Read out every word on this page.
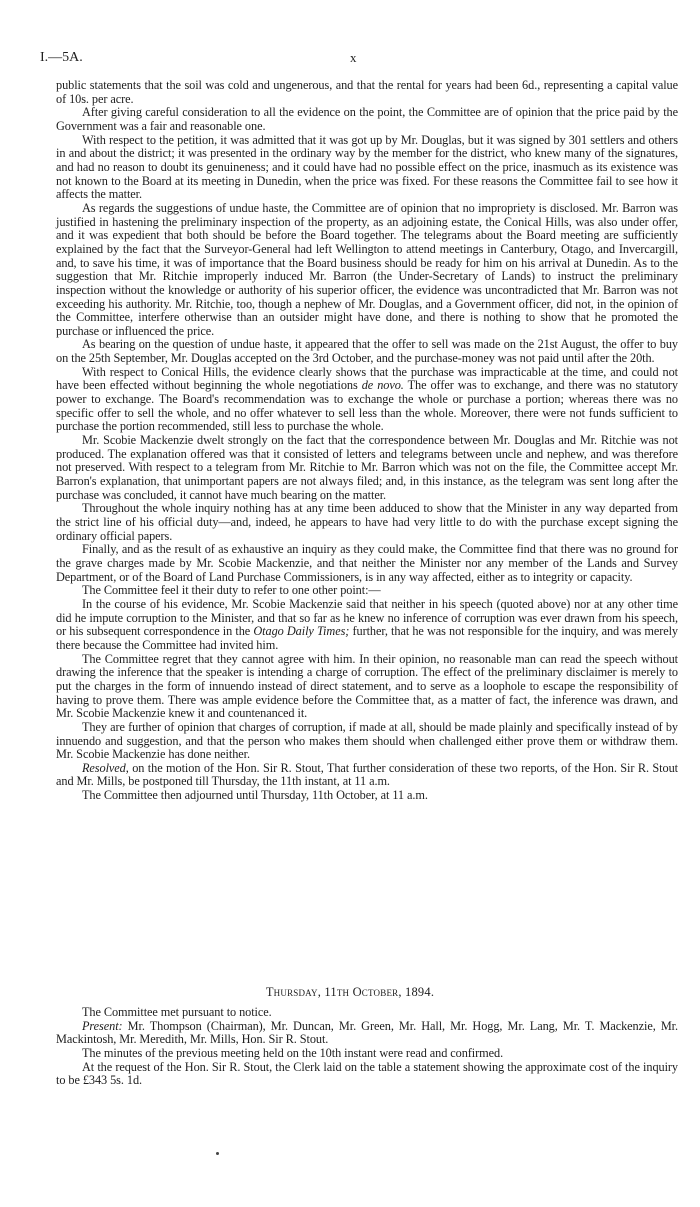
I.—5A.	x

public statements that the soil was cold and ungenerous, and that the rental for years had been 6d., representing a capital value of 10s. per acre.

After giving careful consideration to all the evidence on the point, the Committee are of opinion that the price paid by the Government was a fair and reasonable one.

With respect to the petition, it was admitted that it was got up by Mr. Douglas, but it was signed by 301 settlers and others in and about the district; it was presented in the ordinary way by the member for the district, who knew many of the signatures, and had no reason to doubt its genuineness; and it could have had no possible effect on the price, inasmuch as its existence was not known to the Board at its meeting in Dunedin, when the price was fixed. For these reasons the Committee fail to see how it affects the matter.

As regards the suggestions of undue haste, the Committee are of opinion that no impropriety is disclosed. Mr. Barron was justified in hastening the preliminary inspection of the property, as an adjoining estate, the Conical Hills, was also under offer, and it was expedient that both should be before the Board together. The telegrams about the Board meeting are sufficiently explained by the fact that the Surveyor-General had left Wellington to attend meetings in Canterbury, Otago, and Invercargill, and, to save his time, it was of importance that the Board business should be ready for him on his arrival at Dunedin. As to the suggestion that Mr. Ritchie improperly induced Mr. Barron (the Under-Secretary of Lands) to instruct the preliminary inspection without the knowledge or authority of his superior officer, the evidence was uncontradicted that Mr. Barron was not exceeding his authority. Mr. Ritchie, too, though a nephew of Mr. Douglas, and a Government officer, did not, in the opinion of the Committee, interfere otherwise than an outsider might have done, and there is nothing to show that he promoted the purchase or influenced the price.

As bearing on the question of undue haste, it appeared that the offer to sell was made on the 21st August, the offer to buy on the 25th September, Mr. Douglas accepted on the 3rd October, and the purchase-money was not paid until after the 20th.

With respect to Conical Hills, the evidence clearly shows that the purchase was impracticable at the time, and could not have been effected without beginning the whole negotiations de novo. The offer was to exchange, and there was no statutory power to exchange. The Board's recommendation was to exchange the whole or purchase a portion; whereas there was no specific offer to sell the whole, and no offer whatever to sell less than the whole. Moreover, there were not funds sufficient to purchase the portion recommended, still less to purchase the whole.

Mr. Scobie Mackenzie dwelt strongly on the fact that the correspondence between Mr. Douglas and Mr. Ritchie was not produced. The explanation offered was that it consisted of letters and telegrams between uncle and nephew, and was therefore not preserved. With respect to a telegram from Mr. Ritchie to Mr. Barron which was not on the file, the Committee accept Mr. Barron's explanation, that unimportant papers are not always filed; and, in this instance, as the telegram was sent long after the purchase was concluded, it cannot have much bearing on the matter.

Throughout the whole inquiry nothing has at any time been adduced to show that the Minister in any way departed from the strict line of his official duty—and, indeed, he appears to have had very little to do with the purchase except signing the ordinary official papers.

Finally, and as the result of as exhaustive an inquiry as they could make, the Committee find that there was no ground for the grave charges made by Mr. Scobie Mackenzie, and that neither the Minister nor any member of the Lands and Survey Department, or of the Board of Land Purchase Commissioners, is in any way affected, either as to integrity or capacity.

The Committee feel it their duty to refer to one other point:—

In the course of his evidence, Mr. Scobie Mackenzie said that neither in his speech (quoted above) nor at any other time did he impute corruption to the Minister, and that so far as he knew no inference of corruption was ever drawn from his speech, or his subsequent correspondence in the Otago Daily Times; further, that he was not responsible for the inquiry, and was merely there because the Committee had invited him.

The Committee regret that they cannot agree with him. In their opinion, no reasonable man can read the speech without drawing the inference that the speaker is intending a charge of corruption. The effect of the preliminary disclaimer is merely to put the charges in the form of innuendo instead of direct statement, and to serve as a loophole to escape the responsibility of having to prove them. There was ample evidence before the Committee that, as a matter of fact, the inference was drawn, and Mr. Scobie Mackenzie knew it and countenanced it.

They are further of opinion that charges of corruption, if made at all, should be made plainly and specifically instead of by innuendo and suggestion, and that the person who makes them should when challenged either prove them or withdraw them. Mr. Scobie Mackenzie has done neither.

Resolved, on the motion of the Hon. Sir R. Stout, That further consideration of these two reports, of the Hon. Sir R. Stout and Mr. Mills, be postponed till Thursday, the 11th instant, at 11 a.m.

The Committee then adjourned until Thursday, 11th October, at 11 a.m.

Thursday, 11th October, 1894.

The Committee met pursuant to notice.

Present: Mr. Thompson (Chairman), Mr. Duncan, Mr. Green, Mr. Hall, Mr. Hogg, Mr. Lang, Mr. T. Mackenzie, Mr. Mackintosh, Mr. Meredith, Mr. Mills, Hon. Sir R. Stout.

The minutes of the previous meeting held on the 10th instant were read and confirmed.

At the request of the Hon. Sir R. Stout, the Clerk laid on the table a statement showing the approximate cost of the inquiry to be £343 5s. 1d.
